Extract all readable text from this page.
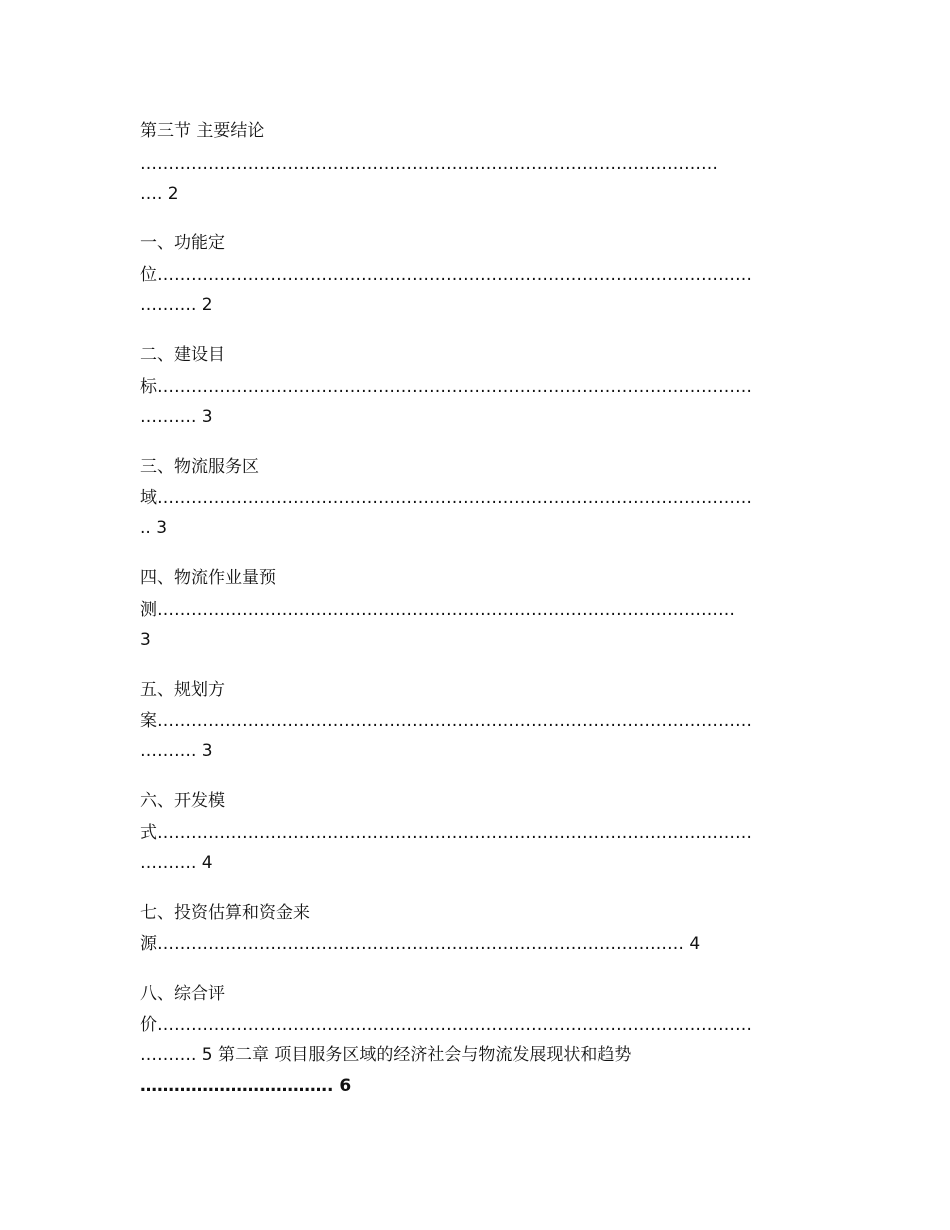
第三节 主要结论

…………………………………………………………………………………………

…. 2

一、功能定

位……………………………………………………………………………………………

………. 2

二、建设目

标……………………………………………………………………………………………

………. 3

三、物流服务区

域……………………………………………………………………………………………

.. 3

四、物流作业量预

测…………………………………………………………………………………………

3

五、规划方

案……………………………………………………………………………………………

………. 3

六、开发模

式……………………………………………………………………………………………

………. 4

七、投资估算和资金来

源………………………………………………………………………………… 4

八、综合评

价……………………………………………………………………………………………

………. 5 第二章 项目服务区域的经济社会与物流发展现状和趋势

……………………………. 6
